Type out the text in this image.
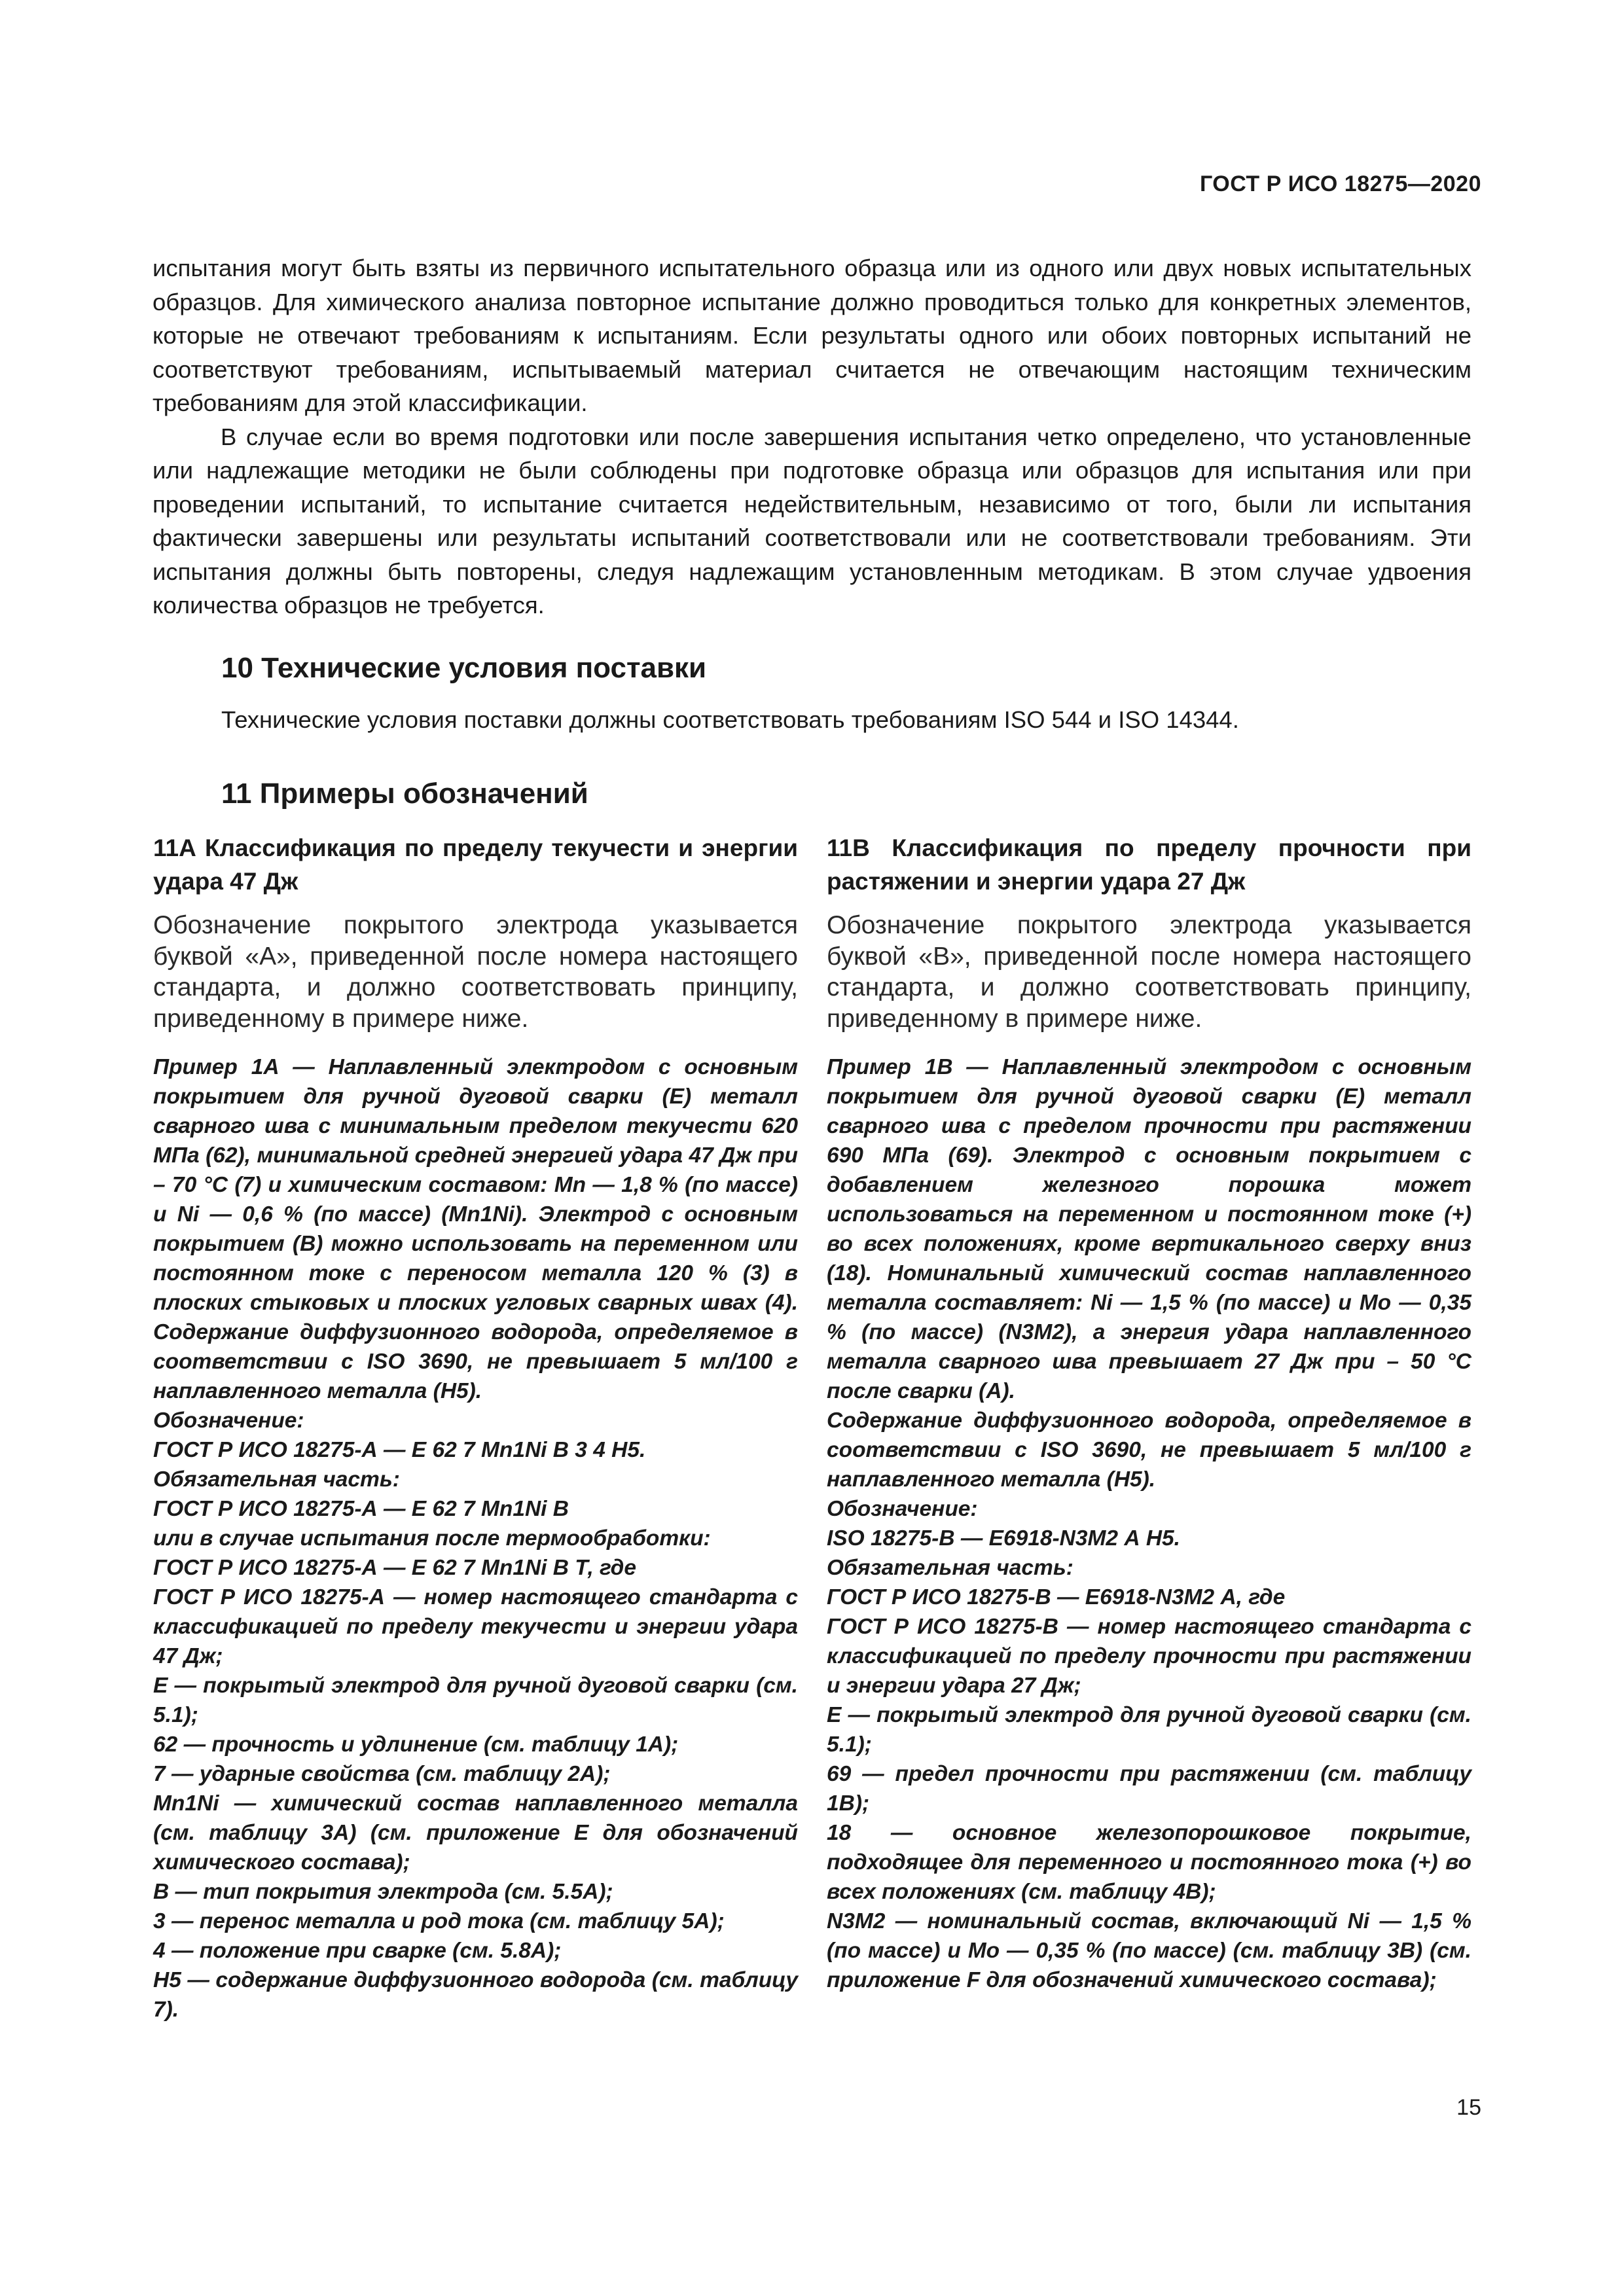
ГОСТ Р ИСО 18275—2020

испытания могут быть взяты из первичного испытательного образца или из одного или двух новых испытательных образцов. Для химического анализа повторное испытание должно проводиться только для конкретных элементов, которые не отвечают требованиям к испытаниям. Если результаты одного или обоих повторных испытаний не соответствуют требованиям, испытываемый материал считается не отвечающим настоящим техническим требованиям для этой классификации.

В случае если во время подготовки или после завершения испытания четко определено, что установленные или надлежащие методики не были соблюдены при подготовке образца или образцов для испытания или при проведении испытаний, то испытание считается недействительным, независимо от того, были ли испытания фактически завершены или результаты испытаний соответствовали или не соответствовали требованиям. Эти испытания должны быть повторены, следуя надлежащим установленным методикам. В этом случае удвоения количества образцов не требуется.

10 Технические условия поставки
Технические условия поставки должны соответствовать требованиям ISO 544 и ISO 14344.
11 Примеры обозначений
11А Классификация по пределу текучести и энергии удара 47 Дж

Обозначение покрытого электрода указывается буквой «А», приведенной после номера настоящего стандарта, и должно соответствовать принципу, приведенному в примере ниже.

Пример 1А — Наплавленный электродом с основным покрытием для ручной дуговой сварки (Е) металл сварного шва с минимальным пределом текучести 620 МПа (62), минимальной средней энергией удара 47 Дж при – 70 °С (7) и химическим составом: Mn — 1,8 % (по массе) и Ni — 0,6 % (по массе) (Mn1Ni). Электрод с основным покрытием (В) можно использовать на переменном или постоянном токе с переносом металла 120 % (3) в плоских стыковых и плоских угловых сварных швах (4). Содержание диффузионного водорода, определяемое в соответствии с ISO 3690, не превышает 5 мл/100 г наплавленного металла (Н5).

Обозначение:

ГОСТ Р ИСО 18275-А — Е 62 7 Mn1Ni В 3 4 Н5.

Обязательная часть:

ГОСТ Р ИСО 18275-А — Е 62 7 Mn1Ni В

или в случае испытания после термообработки:

ГОСТ Р ИСО 18275-А — Е 62 7 Mn1Ni В Т, где

ГОСТ Р ИСО 18275-А — номер настоящего стандарта с классификацией по пределу текучести и энергии удара 47 Дж;

Е — покрытый электрод для ручной дуговой сварки (см. 5.1);

62 — прочность и удлинение (см. таблицу 1А);

7 — ударные свойства (см. таблицу 2А);

Mn1Ni — химический состав наплавленного металла (см. таблицу 3А) (см. приложение Е для обозначений химического состава);

В — тип покрытия электрода (см. 5.5А);

3 — перенос металла и род тока (см. таблицу 5А);

4 — положение при сварке (см. 5.8А);

Н5 — содержание диффузионного водорода (см. таблицу 7).

11В Классификация по пределу прочности при растяжении и энергии удара 27 Дж

Обозначение покрытого электрода указывается буквой «В», приведенной после номера настоящего стандарта, и должно соответствовать принципу, приведенному в примере ниже.

Пример 1В — Наплавленный электродом с основным покрытием для ручной дуговой сварки (Е) металл сварного шва с пределом прочности при растяжении 690 МПа (69). Электрод с основным покрытием с добавлением железного порошка может использоваться на переменном и постоянном токе (+) во всех положениях, кроме вертикального сверху вниз (18). Номинальный химический состав наплавленного металла составляет: Ni — 1,5 % (по массе) и Mo — 0,35 % (по массе) (N3M2), а энергия удара наплавленного металла сварного шва превышает 27 Дж при – 50 °С после сварки (А).

Содержание диффузионного водорода, определяемое в соответствии с ISO 3690, не превышает 5 мл/100 г наплавленного металла (Н5).

Обозначение:

ISO 18275-В — Е6918-N3M2 А Н5.

Обязательная часть:

ГОСТ Р ИСО 18275-В — Е6918-N3M2 А, где

ГОСТ Р ИСО 18275-В — номер настоящего стандарта с классификацией по пределу прочности при растяжении и энергии удара 27 Дж;

Е — покрытый электрод для ручной дуговой сварки (см. 5.1);

69 — предел прочности при растяжении (см. таблицу 1В);

18 — основное железопорошковое покрытие, подходящее для переменного и постоянного тока (+) во всех положениях (см. таблицу 4В);

N3M2 — номинальный состав, включающий Ni — 1,5 % (по массе) и Mo — 0,35 % (по массе) (см. таблицу 3В) (см. приложение F для обозначений химического состава);

15
